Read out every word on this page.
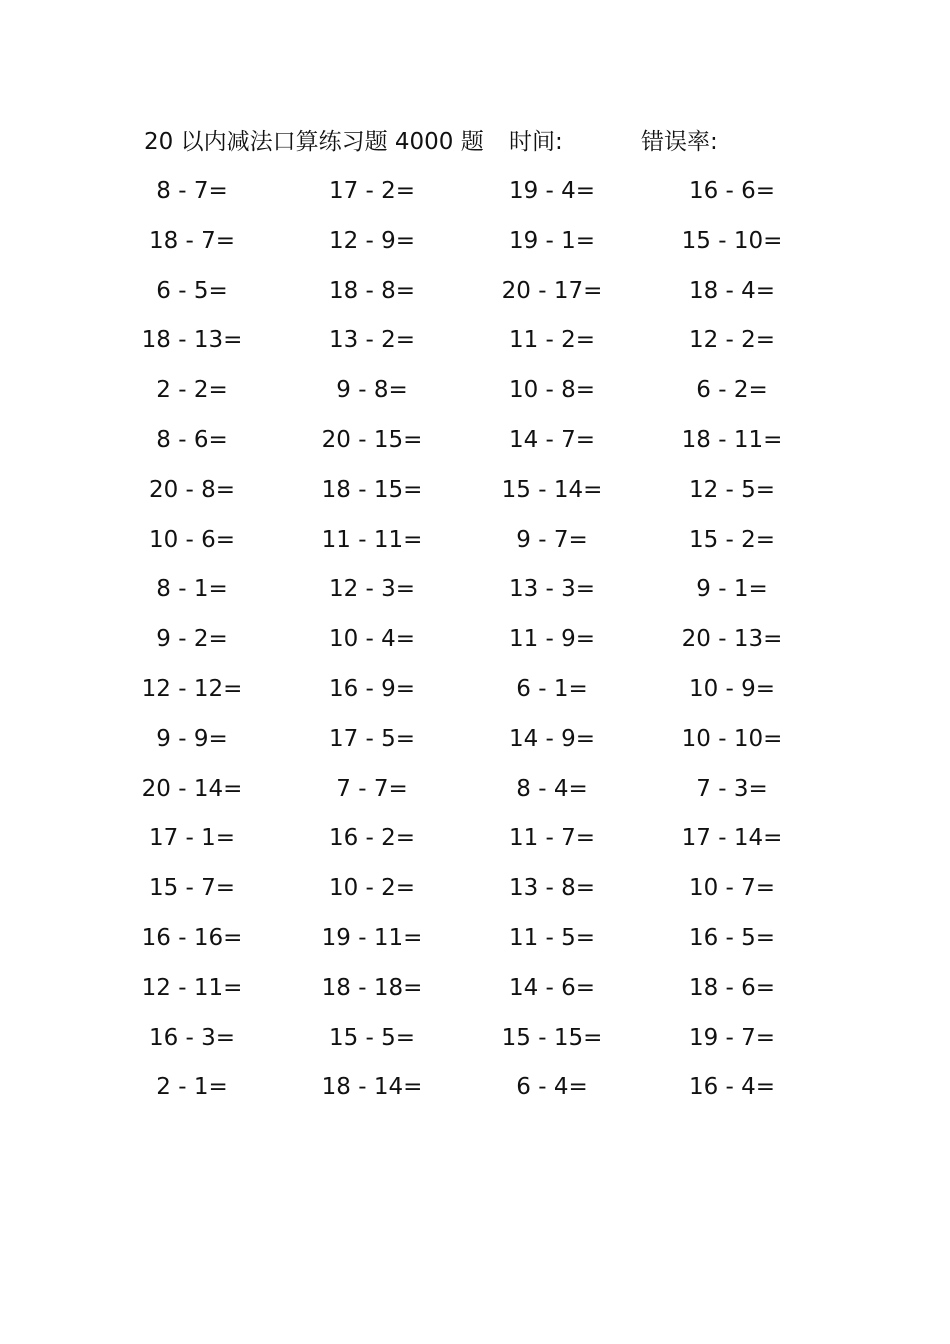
20 以内减法口算练习题 4000 题 时间:	错误率:
8 - 7=	17 - 2=	19 - 4=	16 - 6=
18 - 7=	12 - 9=	19 - 1=	15 - 10=
6 - 5=	18 - 8=	20 - 17=	18 - 4=
18 - 13=	13 - 2=	11 - 2=	12 - 2=
2 - 2=	9 - 8=	10 - 8=	6 - 2=
8 - 6=	20 - 15=	14 - 7=	18 - 11=
20 - 8=	18 - 15=	15 - 14=	12 - 5=
10 - 6=	11 - 11=	9 - 7=	15 - 2=
8 - 1=	12 - 3=	13 - 3=	9 - 1=
9 - 2=	10 - 4=	11 - 9=	20 - 13=
12 - 12=	16 - 9=	6 - 1=	10 - 9=
9 - 9=	17 - 5=	14 - 9=	10 - 10=
20 - 14=	7 - 7=	8 - 4=	7 - 3=
17 - 1=	16 - 2=	11 - 7=	17 - 14=
15 - 7=	10 - 2=	13 - 8=	10 - 7=
16 - 16=	19 - 11=	11 - 5=	16 - 5=
12 - 11=	18 - 18=	14 - 6=	18 - 6=
16 - 3=	15 - 5=	15 - 15=	19 - 7=
2 - 1=	18 - 14=	6 - 4=	16 - 4=
